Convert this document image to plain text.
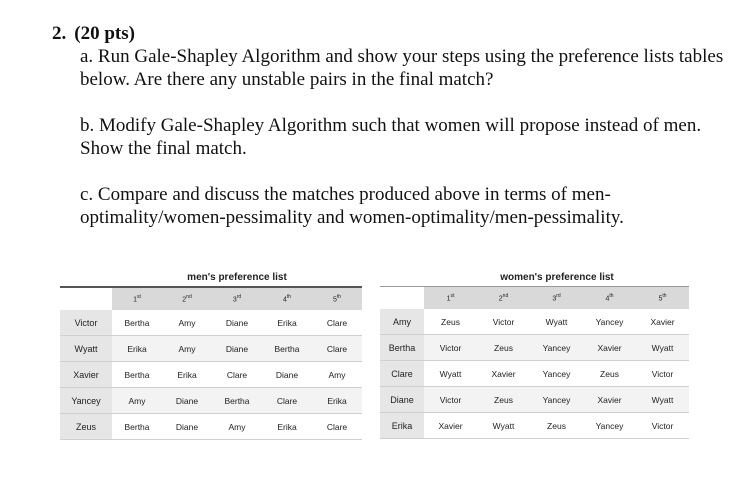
2. (20 pts)

a. Run Gale-Shapley Algorithm and show your steps using the preference lists tables below. Are there any unstable pairs in the final match?

b. Modify Gale-Shapley Algorithm such that women will propose instead of men. Show the final match.

c. Compare and discuss the matches produced above in terms of men-optimality/women-pessimality and women-optimality/men-pessimality.

men's preference list
	1st	2nd	3rd	4th	5th
Victor	Bertha	Amy	Diane	Erika	Clare
Wyatt	Erika	Amy	Diane	Bertha	Clare
Xavier	Bertha	Erika	Clare	Diane	Amy
Yancey	Amy	Diane	Bertha	Clare	Erika
Zeus	Bertha	Diane	Amy	Erika	Clare
women's preference list
	1st	2nd	3rd	4th	5th
Amy	Zeus	Victor	Wyatt	Yancey	Xavier
Bertha	Victor	Zeus	Yancey	Xavier	Wyatt
Clare	Wyatt	Xavier	Yancey	Zeus	Victor
Diane	Victor	Zeus	Yancey	Xavier	Wyatt
Erika	Xavier	Wyatt	Zeus	Yancey	Victor
